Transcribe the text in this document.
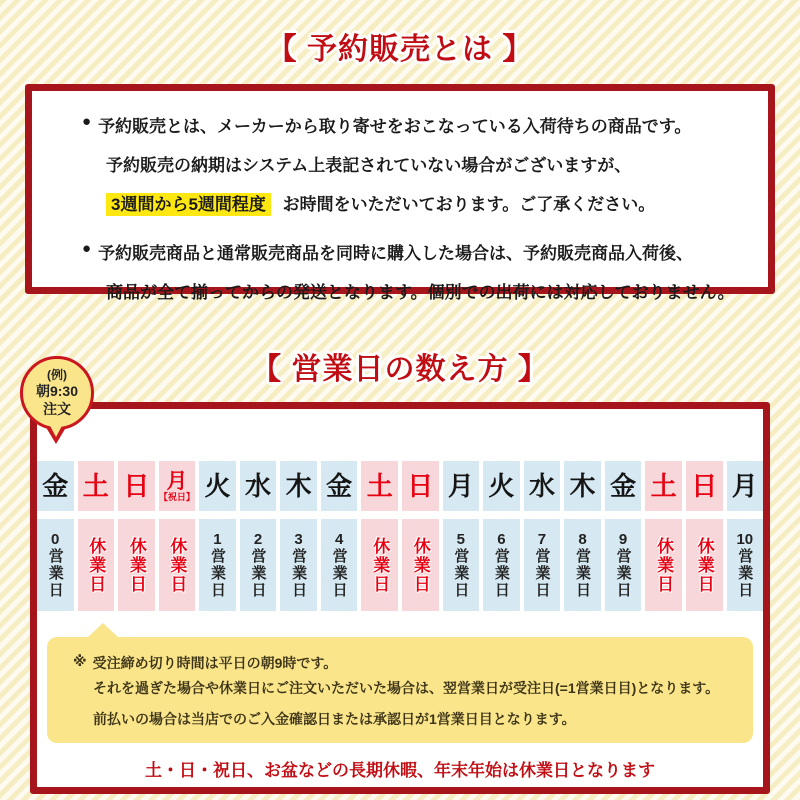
【 予約販売とは 】
● 予約販売とは、メーカーから取り寄せをおこなっている入荷待ちの商品です。
予約販売の納期はシステム上表記されていない場合がございますが、
3週間から5週間程度 お時間をいただいております。ご了承ください。
● 予約販売商品と通常販売商品を同時に購入した場合は、予約販売商品入荷後、
商品が全て揃ってからの発送となります。個別での出荷には対応しておりません。
【 営業日の数え方 】
金
0
営業日
土
休業日
日
休業日
月
【祝日】
休業日
火
1
営業日
水
2
営業日
木
3
営業日
金
4
営業日
土
休業日
日
休業日
月
5
営業日
火
6
営業日
水
7
営業日
木
8
営業日
金
9
営業日
土
休業日
日
休業日
月
10
営業日
※ 受注締め切り時間は平日の朝9時です。
それを過ぎた場合や休業日にご注文いただいた場合は、翌営業日が受注日(=1営業日目)となります。
前払いの場合は当店でのご入金確認日または承認日が1営業日目となります。
土・日・祝日、お盆などの長期休暇、年末年始は休業日となります
(例)
朝9:30
注文
